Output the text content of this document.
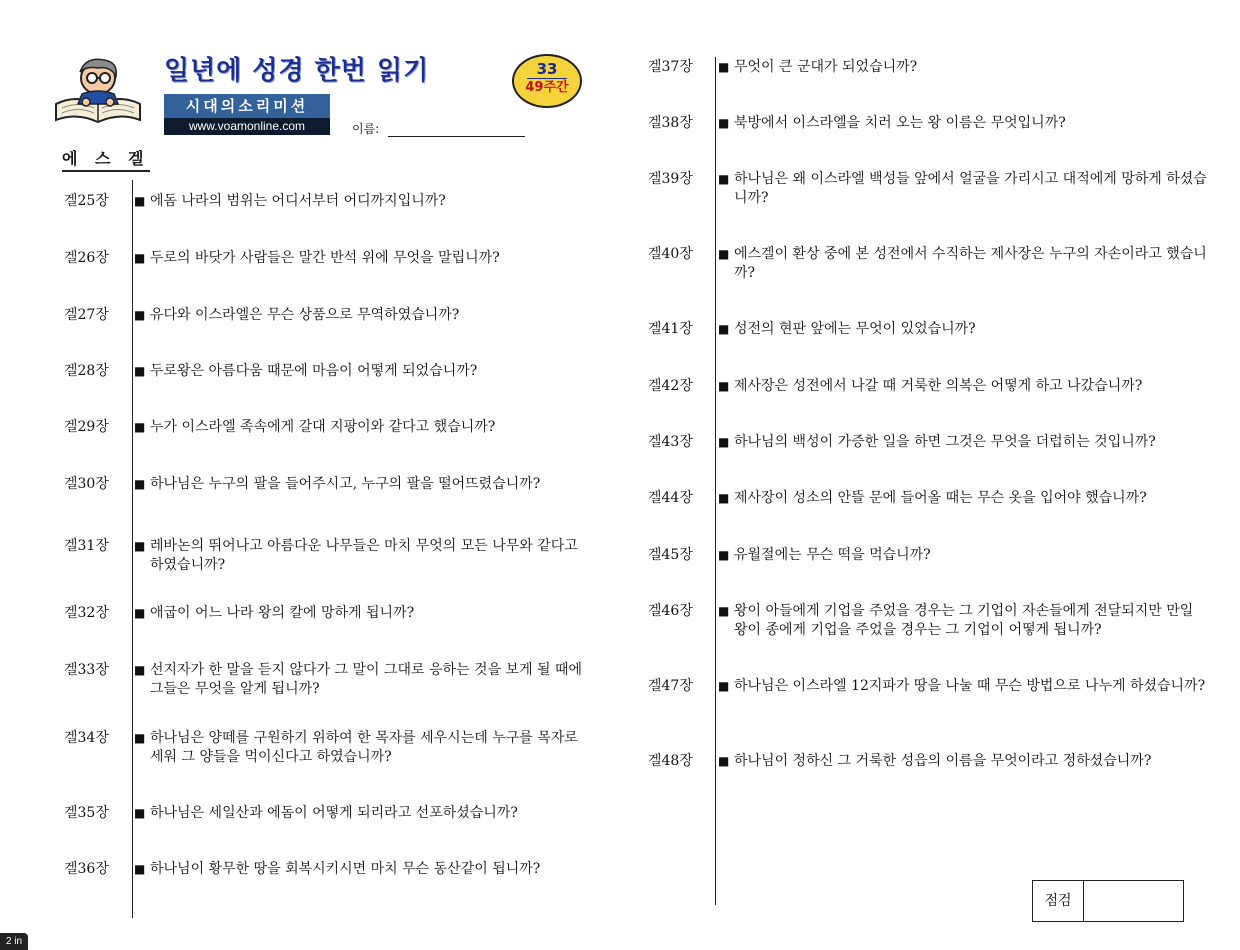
일년에 성경 한번 읽기	33
49주간
시대의소리미션
www.voamonline.com	이름:
에 스 겔
겔25장	■ 에돔 나라의 범위는 어디서부터 어디까지입니까?
겔26장	■ 두로의 바닷가 사람들은 말간 반석 위에 무엇을 말립니까?
겔27장	■ 유다와 이스라엘은 무슨 상품으로 무역하였습니까?
겔28장	■ 두로왕은 아름다움 때문에 마음이 어떻게 되었습니까?
겔29장	■ 누가 이스라엘 족속에게 갈대 지팡이와 같다고 했습니까?
겔30장	■ 하나님은 누구의 팔을 들어주시고, 누구의 팔을 떨어뜨렸습니까?
겔31장	■ 레바논의 뛰어나고 아름다운 나무들은 마치 무엇의 모든 나무와 같다고 하였습니까?
겔32장	■ 애굽이 어느 나라 왕의 칼에 망하게 됩니까?
겔33장	■ 선지자가 한 말을 듣지 않다가 그 말이 그대로 응하는 것을 보게 될 때에 그들은 무엇을 알게 됩니까?
겔34장	■ 하나님은 양떼를 구원하기 위하여 한 목자를 세우시는데 누구를 목자로 세워 그 양들을 먹이신다고 하였습니까?
겔35장	■ 하나님은 세일산과 에돔이 어떻게 되리라고 선포하셨습니까?
겔36장	■ 하나님이 황무한 땅을 회복시키시면 마치 무슨 동산같이 됩니까?
겔37장	■ 무엇이 큰 군대가 되었습니까?
겔38장	■ 북방에서 이스라엘을 치러 오는 왕 이름은 무엇입니까?
겔39장	■ 하나님은 왜 이스라엘 백성들 앞에서 얼굴을 가리시고 대적에게 망하게 하셨습니까?
겔40장	■ 에스겔이 환상 중에 본 성전에서 수직하는 제사장은 누구의 자손이라고 했습니까?
겔41장	■ 성전의 현판 앞에는 무엇이 있었습니까?
겔42장	■ 제사장은 성전에서 나갈 때 거룩한 의복은 어떻게 하고 나갔습니까?
겔43장	■ 하나님의 백성이 가증한 일을 하면 그것은 무엇을 더럽히는 것입니까?
겔44장	■ 제사장이 성소의 안뜰 문에 들어올 때는 무슨 옷을 입어야 했습니까?
겔45장	■ 유월절에는 무슨 떡을 먹습니까?
겔46장	■ 왕이 아들에게 기업을 주었을 경우는 그 기업이 자손들에게 전달되지만 만일 왕이 종에게 기업을 주었을 경우는 그 기업이 어떻게 됩니까?
겔47장	■ 하나님은 이스라엘 12지파가 땅을 나눌 때 무슨 방법으로 나누게 하셨습니까?
겔48장	■ 하나님이 정하신 그 거룩한 성읍의 이름을 무엇이라고 정하셨습니까?
점검
2 in
